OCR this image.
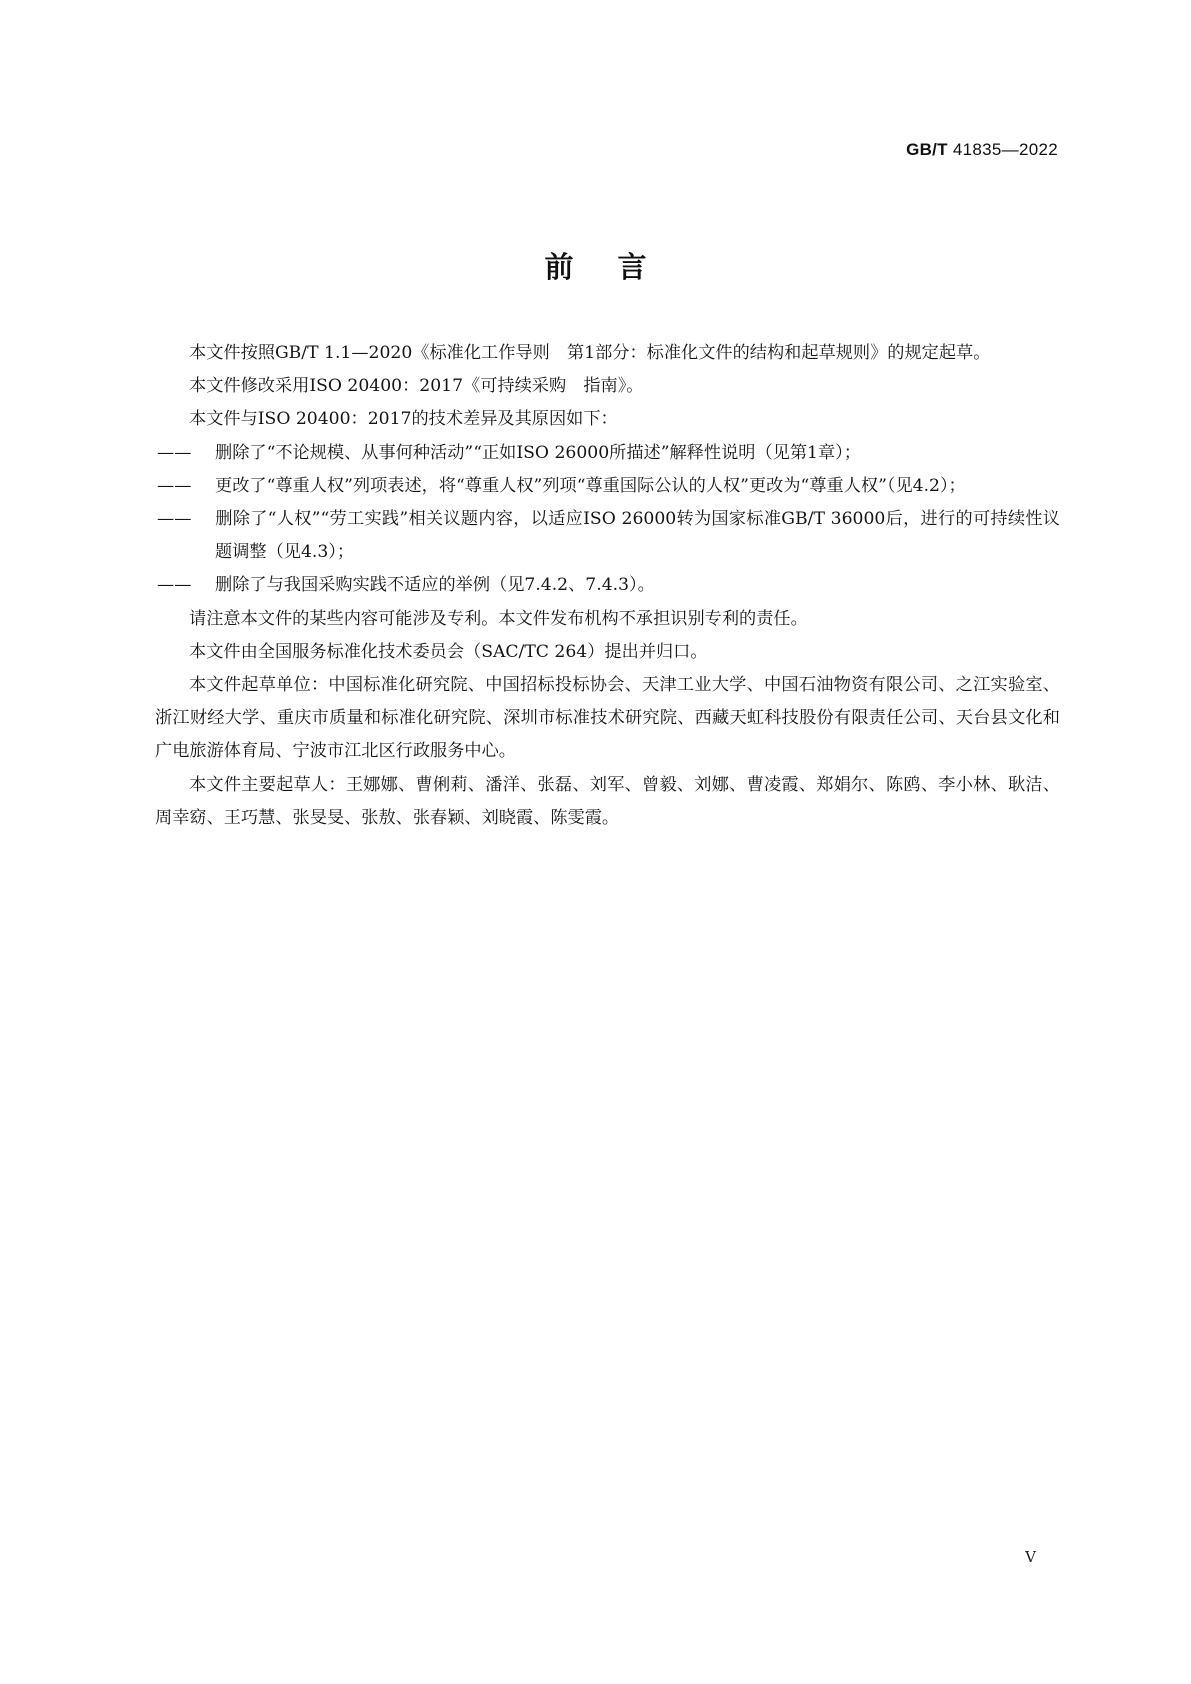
GB/T 41835—2022
前言

本文件按照GB/T 1.1—2020《标准化工作导则　第1部分：标准化文件的结构和起草规则》的规定起草。

本文件修改采用ISO 20400：2017《可持续采购　指南》。

本文件与ISO 20400：2017的技术差异及其原因如下：

—— 删除了“不论规模、从事何种活动”“正如ISO 26000所描述”解释性说明（见第1章）；

—— 更改了“尊重人权”列项表述，将“尊重人权”列项“尊重国际公认的人权”更改为“尊重人权”（见4.2）；

—— 删除了“人权”“劳工实践”相关议题内容，以适应ISO 26000转为国家标准GB/T 36000后，进行的可持续性议题调整（见4.3）；

—— 删除了与我国采购实践不适应的举例（见7.4.2、7.4.3）。

请注意本文件的某些内容可能涉及专利。本文件发布机构不承担识别专利的责任。

本文件由全国服务标准化技术委员会（SAC/TC 264）提出并归口。

本文件起草单位：中国标准化研究院、中国招标投标协会、天津工业大学、中国石油物资有限公司、之江实验室、浙江财经大学、重庆市质量和标准化研究院、深圳市标准技术研究院、西藏天虹科技股份有限责任公司、天台县文化和广电旅游体育局、宁波市江北区行政服务中心。

本文件主要起草人：王娜娜、曹俐莉、潘洋、张磊、刘军、曾毅、刘娜、曹凌霞、郑娟尔、陈鸥、李小林、耿洁、周幸窈、王巧慧、张旻旻、张敖、张春颖、刘晓霞、陈雯霞。

Ⅴ
